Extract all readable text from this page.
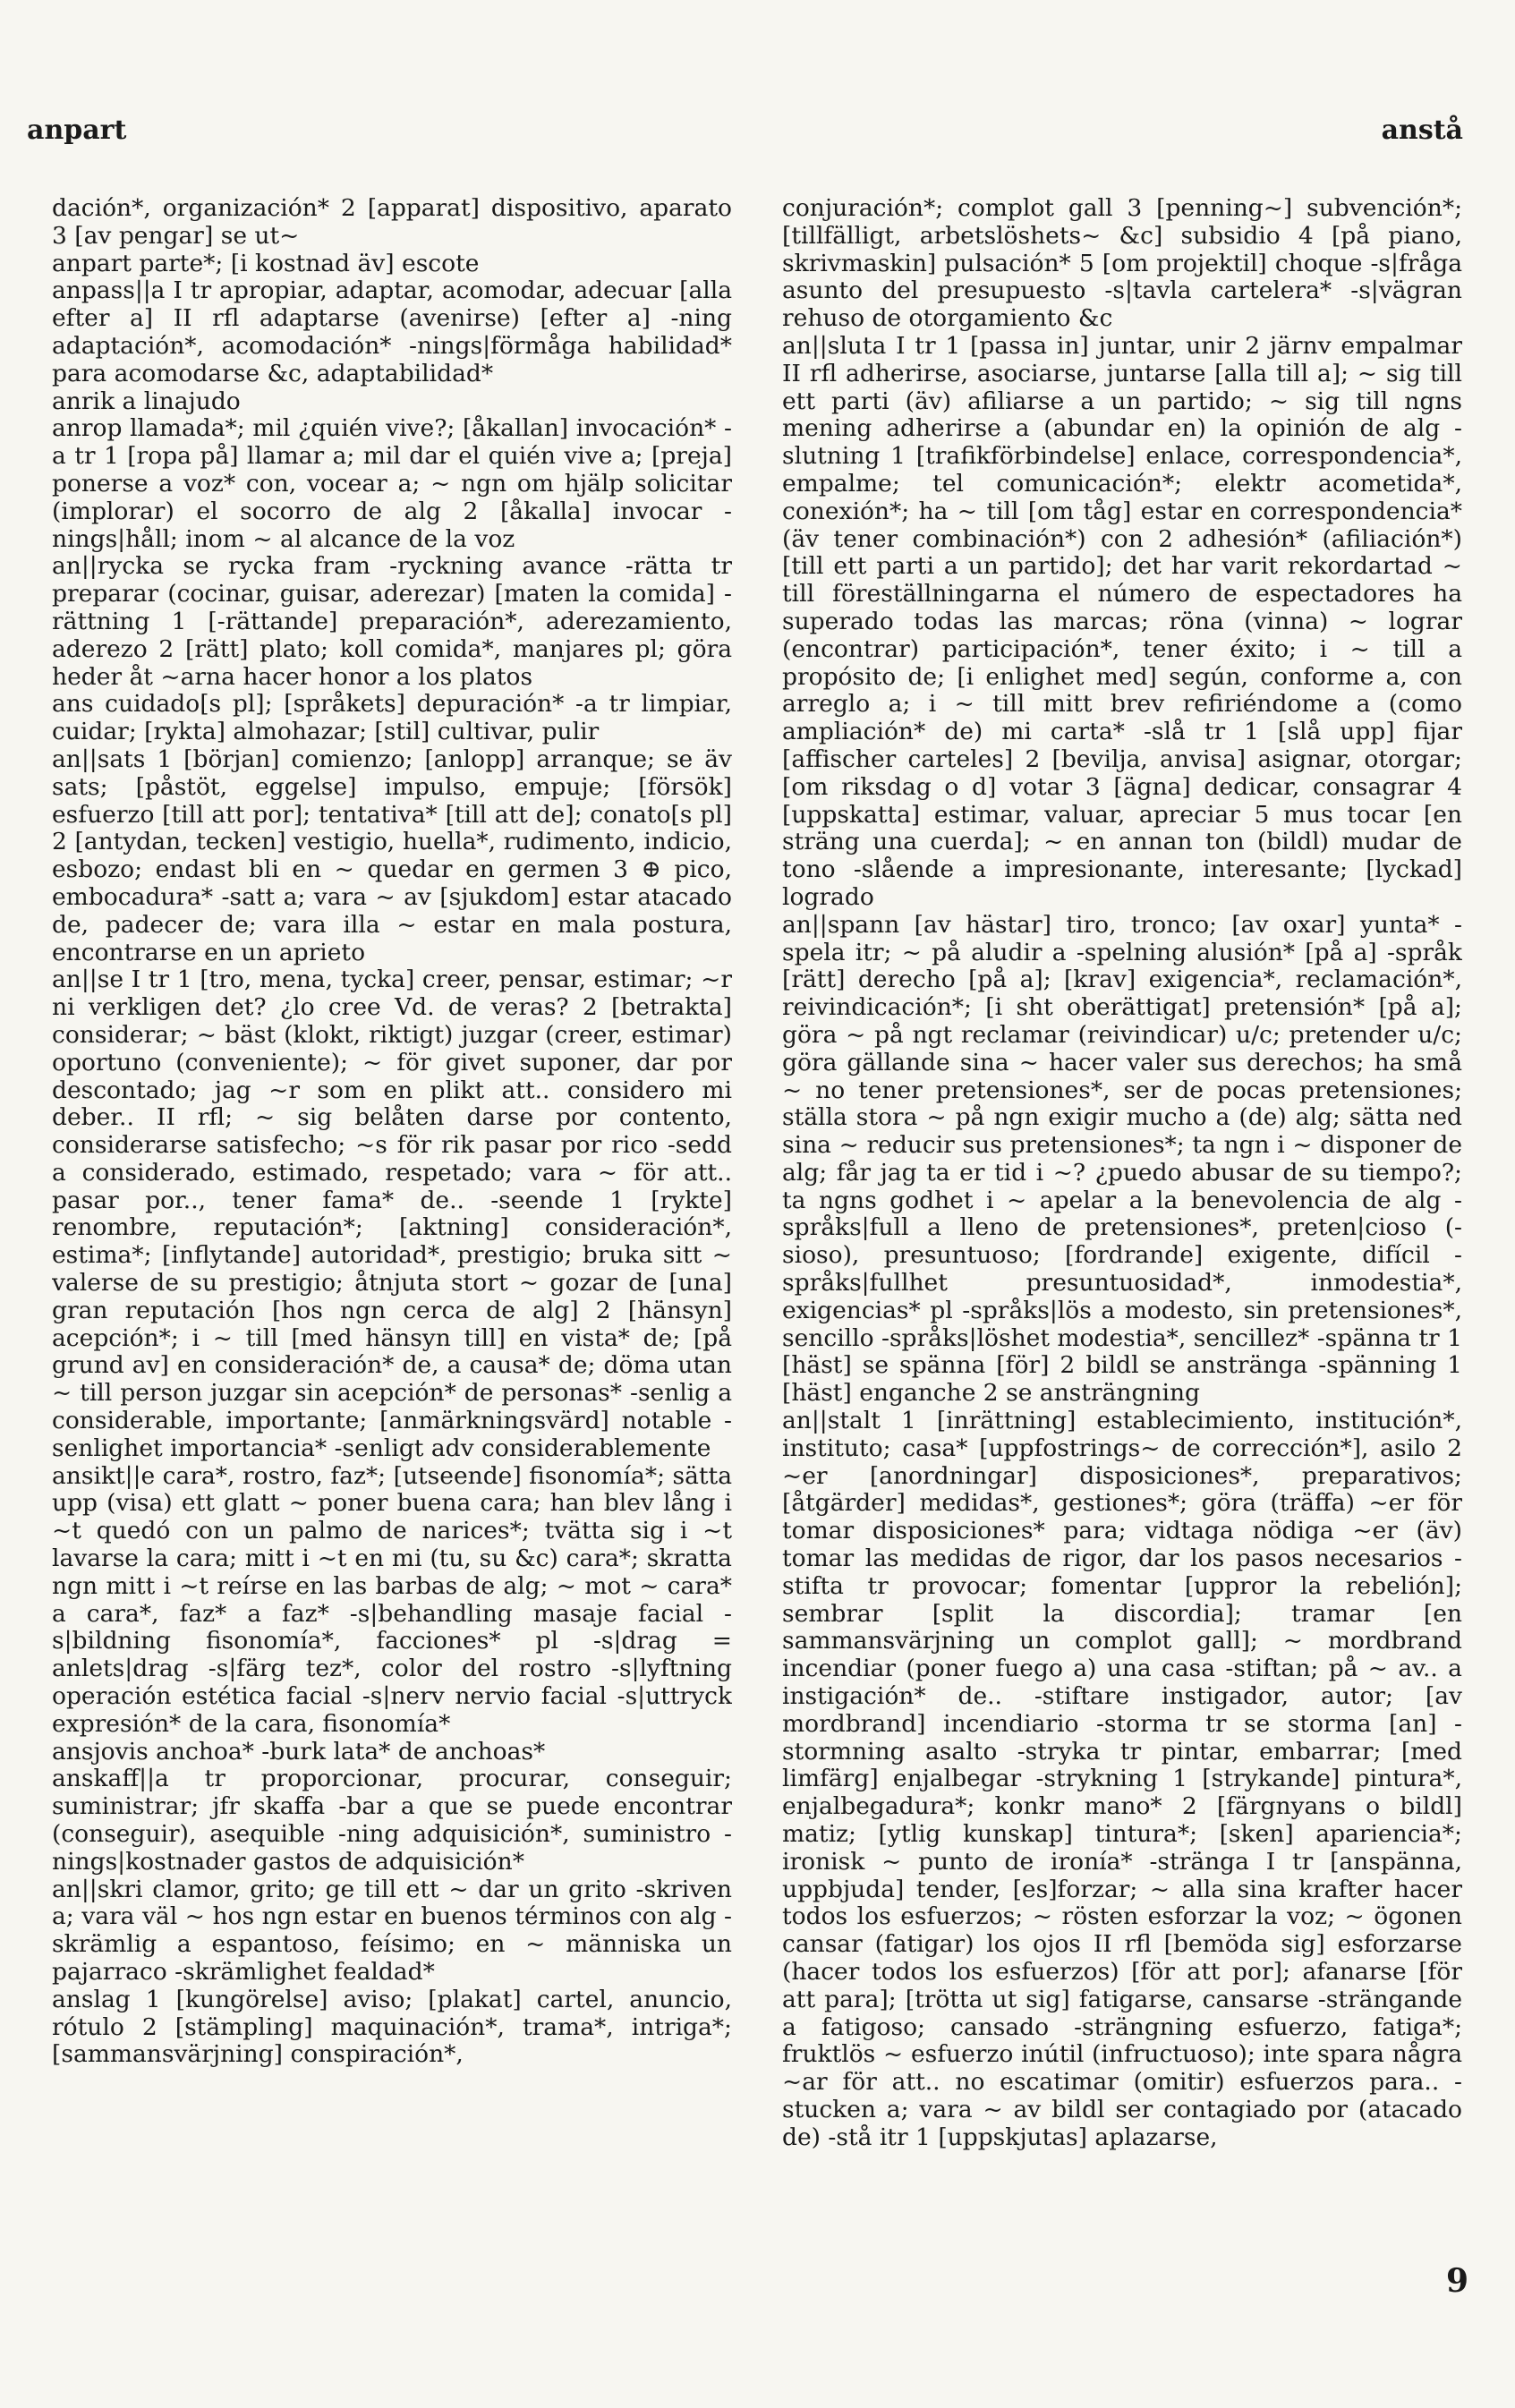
anpart	anstå

dación*, organización* 2 [apparat] dispositivo, aparato 3 [av pengar] se ut~

anpart parte*; [i kostnad äv] escote

anpass||a I tr apropiar, adaptar, acomodar, adecuar [alla efter a] II rfl adaptarse (avenirse) [efter a] -ning adaptación*, acomodación* -nings|förmåga habilidad* para acomodarse &c, adaptabilidad*

anrik a linajudo

anrop llamada*; mil ¿quién vive?; [åkallan] invocación* -a tr 1 [ropa på] llamar a; mil dar el quién vive a; [preja] ponerse a voz* con, vocear a; ~ ngn om hjälp solicitar (implorar) el socorro de alg 2 [åkalla] invocar -nings|håll; inom ~ al alcance de la voz

an||rycka se rycka fram -ryckning avance -rätta tr preparar (cocinar, guisar, aderezar) [maten la comida] -rättning 1 [-rättande] preparación*, aderezamiento, aderezo 2 [rätt] plato; koll comida*, manjares pl; göra heder åt ~arna hacer honor a los platos

ans cuidado[s pl]; [språkets] depuración* -a tr limpiar, cuidar; [rykta] almohazar; [stil] cultivar, pulir

an||sats 1 [början] comienzo; [anlopp] arranque; se äv sats; [påstöt, eggelse] impulso, empuje; [försök] esfuerzo [till att por]; tentativa* [till att de]; conato[s pl] 2 [antydan, tecken] vestigio, huella*, rudimento, indicio, esbozo; endast bli en ~ quedar en germen 3 ⊕ pico, embocadura* -satt a; vara ~ av [sjukdom] estar atacado de, padecer de; vara illa ~ estar en mala postura, encontrarse en un aprieto

an||se I tr 1 [tro, mena, tycka] creer, pensar, estimar; ~r ni verkligen det? ¿lo cree Vd. de veras? 2 [betrakta] considerar; ~ bäst (klokt, riktigt) juzgar (creer, estimar) oportuno (conveniente); ~ för givet suponer, dar por descontado; jag ~r som en plikt att.. considero mi deber.. II rfl; ~ sig belåten darse por contento, considerarse satisfecho; ~s för rik pasar por rico -sedd a considerado, estimado, respetado; vara ~ för att.. pasar por.., tener fama* de.. -seende 1 [rykte] renombre, reputación*; [aktning] consideración*, estima*; [inflytande] autoridad*, prestigio; bruka sitt ~ valerse de su prestigio; åtnjuta stort ~ gozar de [una] gran reputación [hos ngn cerca de alg] 2 [hänsyn] acepción*; i ~ till [med hänsyn till] en vista* de; [på grund av] en consideración* de, a causa* de; döma utan ~ till person juzgar sin acepción* de personas* -senlig a considerable, importante; [anmärkningsvärd] notable -senlighet importancia* -senligt adv considerablemente

ansikt||e cara*, rostro, faz*; [utseende] fisonomía*; sätta upp (visa) ett glatt ~ poner buena cara; han blev lång i ~t quedó con un palmo de narices*; tvätta sig i ~t lavarse la cara; mitt i ~t en mi (tu, su &c) cara*; skratta ngn mitt i ~t reírse en las barbas de alg; ~ mot ~ cara* a cara*, faz* a faz* -s|behandling masaje facial -s|bildning fisonomía*, facciones* pl -s|drag = anlets|drag -s|färg tez*, color del rostro -s|lyftning operación estética facial -s|nerv nervio facial -s|uttryck expresión* de la cara, fisonomía*

ansjovis anchoa* -burk lata* de anchoas*

anskaff||a tr proporcionar, procurar, conseguir; suministrar; jfr skaffa -bar a que se puede encontrar (conseguir), asequible -ning adquisición*, suministro -nings|kostnader gastos de adquisición*

an||skri clamor, grito; ge till ett ~ dar un grito -skriven a; vara väl ~ hos ngn estar en buenos términos con alg -skrämlig a espantoso, feísimo; en ~ människa un pajarraco -skrämlighet fealdad*

anslag 1 [kungörelse] aviso; [plakat] cartel, anuncio, rótulo 2 [stämpling] maquinación*, trama*, intriga*; [sammansvärjning] conspiración*,

conjuración*; complot gall 3 [penning~] subvención*; [tillfälligt, arbetslöshets~ &c] subsidio 4 [på piano, skrivmaskin] pulsación* 5 [om projektil] choque -s|fråga asunto del presupuesto -s|tavla cartelera* -s|vägran rehuso de otorgamiento &c

an||sluta I tr 1 [passa in] juntar, unir 2 järnv empalmar II rfl adherirse, asociarse, juntarse [alla till a]; ~ sig till ett parti (äv) afiliarse a un partido; ~ sig till ngns mening adherirse a (abundar en) la opinión de alg -slutning 1 [trafikförbindelse] enlace, correspondencia*, empalme; tel comunicación*; elektr acometida*, conexión*; ha ~ till [om tåg] estar en correspondencia* (äv tener combinación*) con 2 adhesión* (afiliación*) [till ett parti a un partido]; det har varit rekordartad ~ till föreställningarna el número de espectadores ha superado todas las marcas; röna (vinna) ~ lograr (encontrar) participación*, tener éxito; i ~ till a propósito de; [i enlighet med] según, conforme a, con arreglo a; i ~ till mitt brev refiriéndome a (como ampliación* de) mi carta* -slå tr 1 [slå upp] fijar [affischer carteles] 2 [bevilja, anvisa] asignar, otorgar; [om riksdag o d] votar 3 [ägna] dedicar, consagrar 4 [uppskatta] estimar, valuar, apreciar 5 mus tocar [en sträng una cuerda]; ~ en annan ton (bildl) mudar de tono -slående a impresionante, interesante; [lyckad] logrado

an||spann [av hästar] tiro, tronco; [av oxar] yunta* -spela itr; ~ på aludir a -spelning alusión* [på a] -språk [rätt] derecho [på a]; [krav] exigencia*, reclamación*, reivindicación*; [i sht oberättigat] pretensión* [på a]; göra ~ på ngt reclamar (reivindicar) u/c; pretender u/c; göra gällande sina ~ hacer valer sus derechos; ha små ~ no tener pretensiones*, ser de pocas pretensiones; ställa stora ~ på ngn exigir mucho a (de) alg; sätta ned sina ~ reducir sus pretensiones*; ta ngn i ~ disponer de alg; får jag ta er tid i ~? ¿puedo abusar de su tiempo?; ta ngns godhet i ~ apelar a la benevolencia de alg -språks|full a lleno de pretensiones*, preten|cioso (-sioso), presuntuoso; [fordrande] exigente, difícil -språks|fullhet presuntuosidad*, inmodestia*, exigencias* pl -språks|lös a modesto, sin pretensiones*, sencillo -språks|löshet modestia*, sencillez* -spänna tr 1 [häst] se spänna [för] 2 bildl se anstränga -spänning 1 [häst] enganche 2 se ansträngning

an||stalt 1 [inrättning] establecimiento, institución*, instituto; casa* [uppfostrings~ de corrección*], asilo 2 ~er [anordningar] disposiciones*, preparativos; [åtgärder] medidas*, gestiones*; göra (träffa) ~er för tomar disposiciones* para; vidtaga nödiga ~er (äv) tomar las medidas de rigor, dar los pasos necesarios -stifta tr provocar; fomentar [uppror la rebelión]; sembrar [split la discordia]; tramar [en sammansvärjning un complot gall]; ~ mordbrand incendiar (poner fuego a) una casa -stiftan; på ~ av.. a instigación* de.. -stiftare instigador, autor; [av mordbrand] incendiario -storma tr se storma [an] -stormning asalto -stryka tr pintar, embarrar; [med limfärg] enjalbegar -strykning 1 [strykande] pintura*, enjalbegadura*; konkr mano* 2 [färgnyans o bildl] matiz; [ytlig kunskap] tintura*; [sken] apariencia*; ironisk ~ punto de ironía* -stränga I tr [anspänna, uppbjuda] tender, [es]forzar; ~ alla sina krafter hacer todos los esfuerzos; ~ rösten esforzar la voz; ~ ögonen cansar (fatigar) los ojos II rfl [bemöda sig] esforzarse (hacer todos los esfuerzos) [för att por]; afanarse [för att para]; [trötta ut sig] fatigarse, cansarse -strängande a fatigoso; cansado -strängning esfuerzo, fatiga*; fruktlös ~ esfuerzo inútil (infructuoso); inte spara några ~ar för att.. no escatimar (omitir) esfuerzos para.. -stucken a; vara ~ av bildl ser contagiado por (atacado de) -stå itr 1 [uppskjutas] aplazarse,

9
